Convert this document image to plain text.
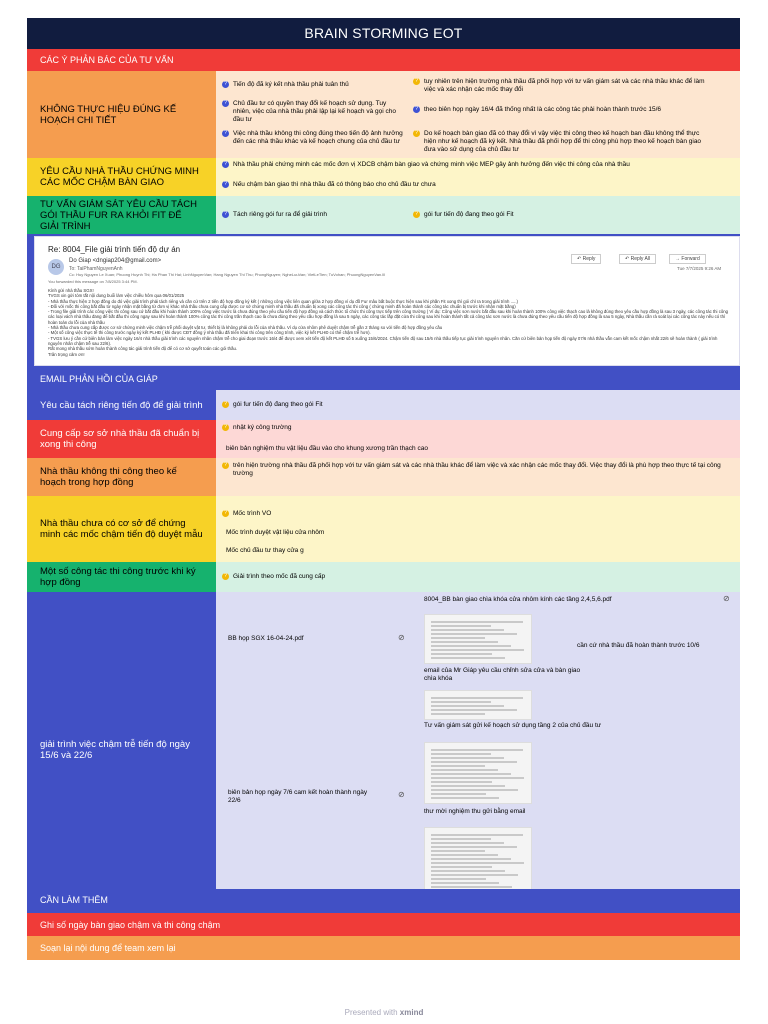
BRAIN STORMING EOT
CÁC Ý PHẢN BÁC CỦA TƯ VẤN
KHÔNG THỰC HIỆU ĐÚNG KẾ HOẠCH CHI TIẾT
? Tiến độ đã ký kết nhà thầu phải tuân thủ	? tuy nhiên trên hiện trường nhà thầu đã phối hợp với tư vấn giám sát và các nhà thầu khác để làm việc và xác nhận các mốc thay đổi
? Chủ đầu tư có quyền thay đổi kế hoạch sử dụng. Tuy nhiên, việc của nhà thầu phải lập lại kế hoạch và gọi cho đầu tư
? theo biên họp ngày 16/4 đã thống nhất là các công tác phải hoàn thành trước 15/6
? Việc nhà thầu không thi công đúng theo tiến độ ảnh hưởng đến các nhà thầu khác và kế hoạch chung của chủ đầu tư
? Do kế hoạch bàn giao đã có thay đổi vì vậy việc thi công theo kế hoạch ban đầu không thể thực hiện như kế hoạch đã ký kết. Nhà thầu đã phối hợp để thi công phù hợp theo kế hoạch bàn giao đưa vào sử dụng của chủ đầu tư
YÊU CẦU NHÀ THẦU CHỨNG MINH CÁC MỐC CHẬM BÀN GIAO
? Nhà thầu phải chứng minh các mốc đơn vị XDCB chậm bàn giao và chứng minh việc MEP gây ảnh hưởng đến việc thi công của nhà thầu
? Nếu chậm bàn giao thì nhà thầu đã có thông báo cho chủ đầu tư chưa
TƯ VẤN GIÁM SÁT YÊU CẦU TÁCH GÓI THẦU FUR RA KHỎI FIT ĐỂ GIẢI TRÌNH
? Tách riêng gói fur ra để giải trình	? gói fur tiến độ đang theo gói Fit
Re: 8004_File giải trình tiến độ dự án
DG
Do Giap <dngiap204@gmail.com>
To: TaiPhamNguyenAnh
Cc: Huy Nguyen Le Xuan; Phuong Huynh Thi; Ha Phan Thi Hai; LinhNguyenVan; Hang Nguyen Thi Thu; PhongNguyen; NgheLuuVan; VietLeTien; TuVohan; PhuongNguyenVan.lll
You forwarded this message on 7/8/2025 3:44 PM.
↶ Reply	↶ Reply All	→ Forward
Tue 7/7/2025 9:26 AM
Kính gửi nhà thầu SGX!
TVGS xin gửi tóm tắt nội dung buổi làm việc chiều hôm qua 06/01/2025
- Nhà thầu thực hiện 2 hợp đồng do đó việc giải trình phải tách riêng và cần cứ trên 2 tiến độ hợp đồng ký kết ( những công việc liên quan giữa 2 hợp đồng ví dụ đồ Fur mâu bất buộc thực hiện sau khi phần Fit xong thì gói chỉ ra trong giải trình .....)
- Đối với mốc thi công bắt đầu từ ngày nhận mặt bằng từ đơn vị khác nhà thầu chưa cung cấp được cơ sở chứng minh nhà thầu đã chuẩn bị xong các công tác thi công ( chứng minh đã hoàn thành các công tác chuẩn bị trước khi nhận mặt bằng)
- Trong file giải trình các công việc thi công sau cứ bắt đầu khi hoàn thành 100% công việc trước là chưa đúng theo yêu cầu tiến độ hợp đồng và cách thức tổ chức thi công trực tiếp trên công trường ( Ví dụ: Công việc sơn nước bắt đầu sau khi hoàn thành 100% công việc thạch cao là không đúng theo yêu cầu hợp đồng là sau 3 ngày, các công tác thi công các loại vách nhà thầu đang để bắt đầu thi công ngay sau khi hoàn thành 100% công tác thi công trần thạch cao là chưa đúng theo yêu cầu hợp đồng là sau 5 ngày, các công tác lắp đặt cửa thi công sau khi hoàn thành tất cả công tác sơn nước là chưa đúng theo yêu cầu tiến độ hợp đồng là sau 5 ngày, Nhà thầu cần rà soát lại các công tác này nếu có thì hoàn toàn do lỗi của nhà thầu
- Nhà thầu chưa cung cấp được cơ sở chứng minh việc chậm trễ phối duyệt vật tư, thiết bị là không phải do lỗi của nhà thầu. Ví dụ cửa nhôm phê duyệt chậm trễ gần 2 tháng so với tiến độ hợp đồng yêu cầu
- Một số công việc thực tế thi công trước ngày ký kết PLHĐ ( khi được CĐT đồng ý nhà thầu đã triển khai thi công trên công trình, việc ký kết PLHĐ có thể chậm trễ hơn).
- TVGS lưu ý cần cứ biên bản làm việc ngày 16/4 nhà thầu giải trình các nguyên nhân chậm trễ cho giai đoạn trước 16/4 để được xem xét tiến độ kết PLHĐ số 5 xuống 15/6/2024. Chậm tiến độ sau 15/6 nhà thầu tiếp tục giải trình nguyên nhân. Căn cứ biên bản họp tiến độ ngày 07/6 nhà thầu vẫn cam kết mốc chậm nhất 22/6 sẽ hoàn thành ( giải trình nguyên nhân chậm trễ sau 22/6).
Rất mong nhà thầu sớm hoàn thành công tác giải trình tiến độ để có cơ sở quyết toán các gói thầu.
Trân trọng cảm ơn!
EMAIL PHẢN HỒI CỦA GIÁP
Yêu cầu tách riêng tiến độ để giải trình	? gói fur tiến độ đang theo gói Fit
Cung cấp sơ sở nhà thầu đã chuẩn bị xong thi công
? nhật ký công trường
biên bản nghiệm thu vật liệu đầu vào cho khung xương trần thạch cao
Nhà thầu không thi công theo kế hoạch trong hợp đồng
? trên hiện trường nhà thầu đã phối hợp với tư vấn giám sát và các nhà thầu khác để làm việc và xác nhận các mốc thay đổi. Việc thay đổi là phù hợp theo thực tế tại công trường
Nhà thầu chưa có cơ sở để chứng minh các mốc chậm tiến độ duyệt mẫu
? Mốc trình VO
Mốc trình duyệt vật liệu cửa nhôm
Mốc chủ đầu tư thay cửa g
Một số công tác thi công trước khi ký hợp đồng
? Giải trình theo mốc đã cung cấp
giải trình việc chậm trễ tiến độ ngày 15/6 và 22/6
BB họp SGX 16-04-24.pdf	⊘
biên bản họp ngày 7/6 cam kết hoàn thành ngày 22/6
⊘
8004_BB bàn giao chìa khóa cửa nhôm kính các tầng 2,4,5,6.pdf	⊘
cần cứ nhà thầu đã hoàn thành trước 10/6
email của Mr Giáp yêu cầu chỉnh sửa cửa và bàn giao chìa khóa
Tư vấn giám sát gửi kế hoạch sử dụng tầng 2 của chủ đầu tư
thư mời nghiệm thu gửi bằng email
CẦN LÀM THÊM
Ghi số ngày bàn giao chậm và thi công chậm
Soạn lại nội dung để team xem lại
Presented with xmind
